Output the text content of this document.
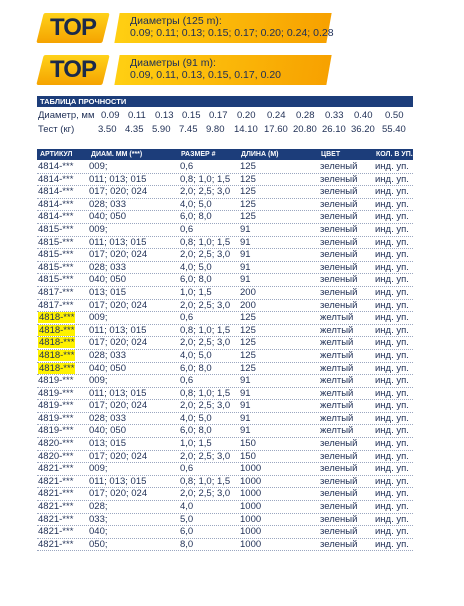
TOP	Диаметры (125 m):
0.09; 0.11; 0.13; 0.15; 0.17; 0.20; 0.24; 0.28
TOP	Диаметры (91 m):
0.09, 0.11, 0.13, 0.15, 0.17, 0.20
ТАБЛИЦА ПРОЧНОСТИ
Диаметр, мм 0.09 0.11 0.13 0.15 0.17 0.20 0.24 0.28 0.33 0.40 0.50
Тест (кг)	3.50 4.35 5.90 7.45 9.80 14.10 17.60 20.80 26.10 36.20 55.40
АРТИКУЛ	ДИАМ. ММ (***)	РАЗМЕР #	ДЛИНА (М)	ЦВЕТ	КОЛ. В УП.
4814-*** 009;	0,6	125	зеленый инд. уп.
4814-*** 011; 013; 015	0,8; 1,0; 1,5 125	зеленый инд. уп.
4814-*** 017; 020; 024	2,0; 2,5; 3,0 125	зеленый инд. уп.
4814-*** 028; 033	4,0; 5,0	125	зеленый инд. уп.
4814-*** 040; 050	6,0; 8,0	125	зеленый инд. уп.
4815-*** 009;	0,6	91	зеленый инд. уп.
4815-*** 011; 013; 015	0,8; 1,0; 1,5 91	зеленый инд. уп.
4815-*** 017; 020; 024	2,0; 2,5; 3,0 91	зеленый инд. уп.
4815-*** 028; 033	4,0; 5,0	91	зеленый инд. уп.
4815-*** 040; 050	6,0; 8,0	91	зеленый инд. уп.
4817-*** 013; 015	1,0; 1,5	200	зеленый инд. уп.
4817-*** 017; 020; 024	2,0; 2,5; 3,0 200	зеленый инд. уп.
4818-*** 009;	0,6	125	желтый инд. уп.
4818-*** 011; 013; 015	0,8; 1,0; 1,5 125	желтый инд. уп.
4818-*** 017; 020; 024	2,0; 2,5; 3,0 125	желтый инд. уп.
4818-*** 028; 033	4,0; 5,0	125	желтый инд. уп.
4818-*** 040; 050	6,0; 8,0	125	желтый инд. уп.
4819-*** 009;	0,6	91	желтый инд. уп.
4819-*** 011; 013; 015	0,8; 1,0; 1,5 91	желтый инд. уп.
4819-*** 017; 020; 024	2,0; 2,5; 3,0 91	желтый инд. уп.
4819-*** 028; 033	4,0; 5,0	91	желтый инд. уп.
4819-*** 040; 050	6,0; 8,0	91	желтый инд. уп.
4820-*** 013; 015	1,0; 1,5	150	зеленый инд. уп.
4820-*** 017; 020; 024	2,0; 2,5; 3,0 150	зеленый инд. уп.
4821-*** 009;	0,6	1000	зеленый инд. уп.
4821-*** 011; 013; 015	0,8; 1,0; 1,5 1000	зеленый инд. уп.
4821-*** 017; 020; 024	2,0; 2,5; 3,0 1000	зеленый инд. уп.
4821-*** 028;	4,0	1000	зеленый инд. уп.
4821-*** 033;	5,0	1000	зеленый инд. уп.
4821-*** 040;	6,0	1000	зеленый инд. уп.
4821-*** 050;	8,0	1000	зеленый инд. уп.
